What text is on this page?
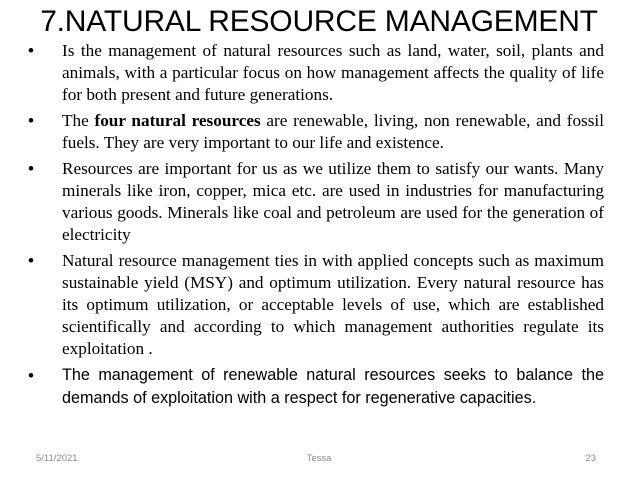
7.NATURAL RESOURCE MANAGEMENT
• Is the management of natural resources such as land, water, soil, plants and animals, with a particular focus on how management affects the quality of life for both present and future generations.
• The four natural resources are renewable, living, non renewable, and fossil fuels. They are very important to our life and existence.
• Resources are important for us as we utilize them to satisfy our wants. Many minerals like iron, copper, mica etc. are used in industries for manufacturing various goods. Minerals like coal and petroleum are used for the generation of electricity
• Natural resource management ties in with applied concepts such as maximum sustainable yield (MSY) and optimum utilization. Every natural resource has its optimum utilization, or acceptable levels of use, which are established scientifically and according to which management authorities regulate its exploitation .
• The management of renewable natural resources seeks to balance the demands of exploitation with a respect for regenerative capacities.
5/11/2021	Tessa	23
